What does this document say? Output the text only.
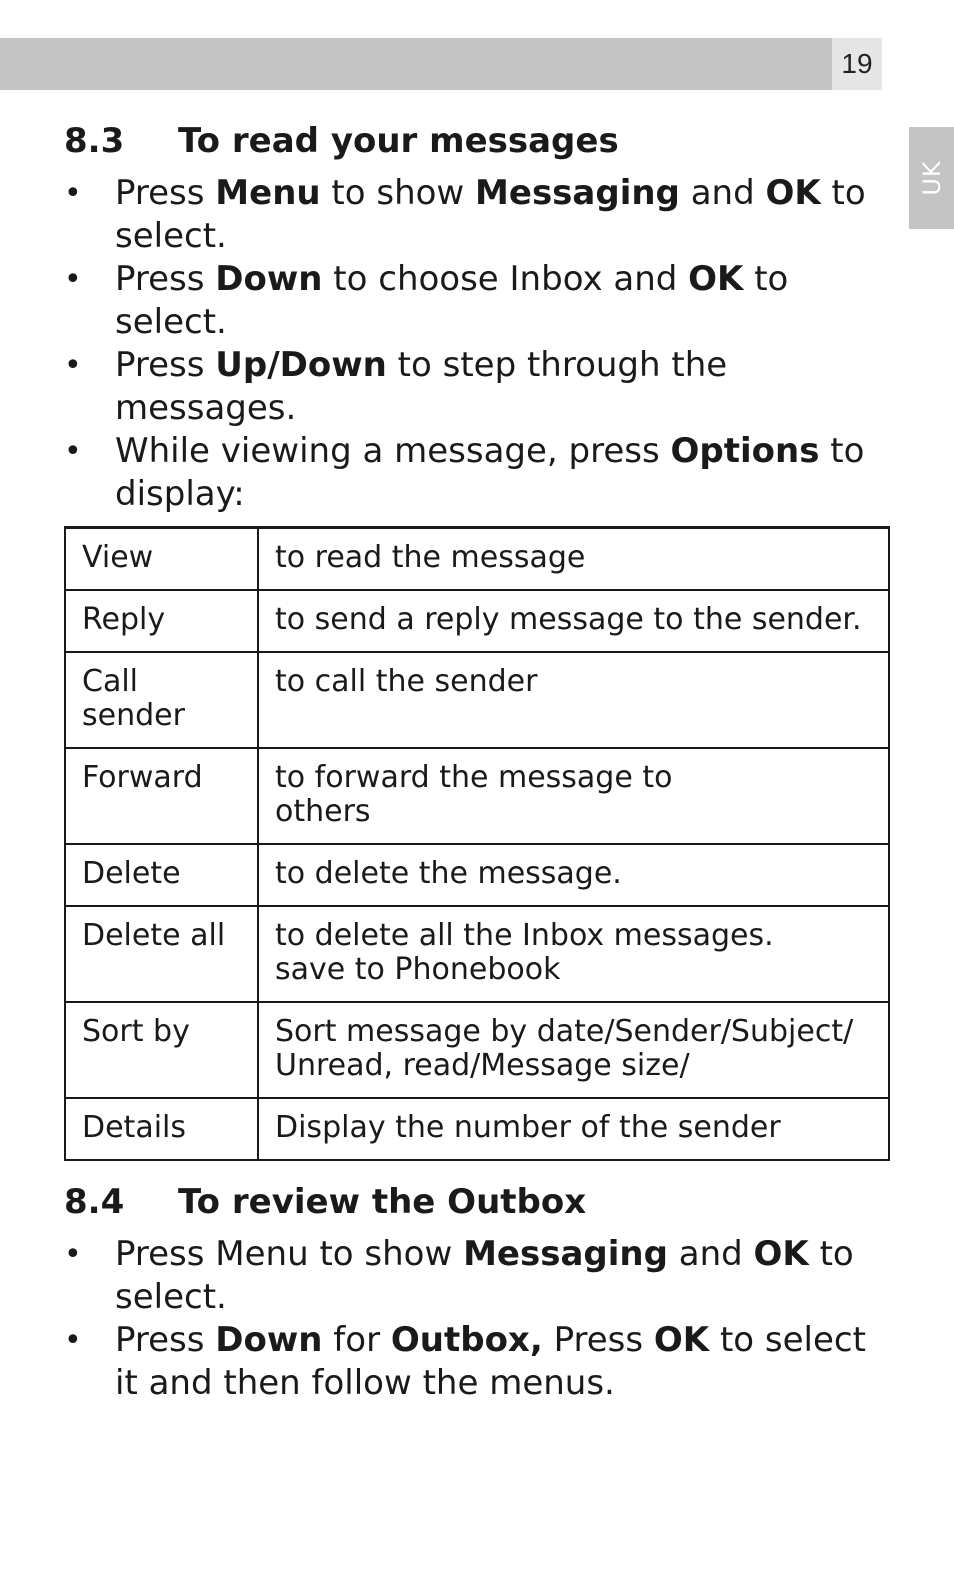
19
UK
8.3	To read your messages
• Press Menu to show Messaging and OK to select.
• Press Down to choose Inbox and OK to select.
• Press Up/Down to step through the messages.
• While viewing a message, press Options to display:
View	to read the message
Reply	to send a reply message to the sender.
Call
sender	to call the sender
Forward	to forward the message to
others
Delete	to delete the message.
Delete all	to delete all the Inbox messages.
save to Phonebook
Sort by	Sort message by date/Sender/Subject/
Unread, read/Message size/
Details	Display the number of the sender
8.4	To review the Outbox
• Press Menu to show Messaging and OK to select.
• Press Down for Outbox, Press OK to select it and then follow the menus.
